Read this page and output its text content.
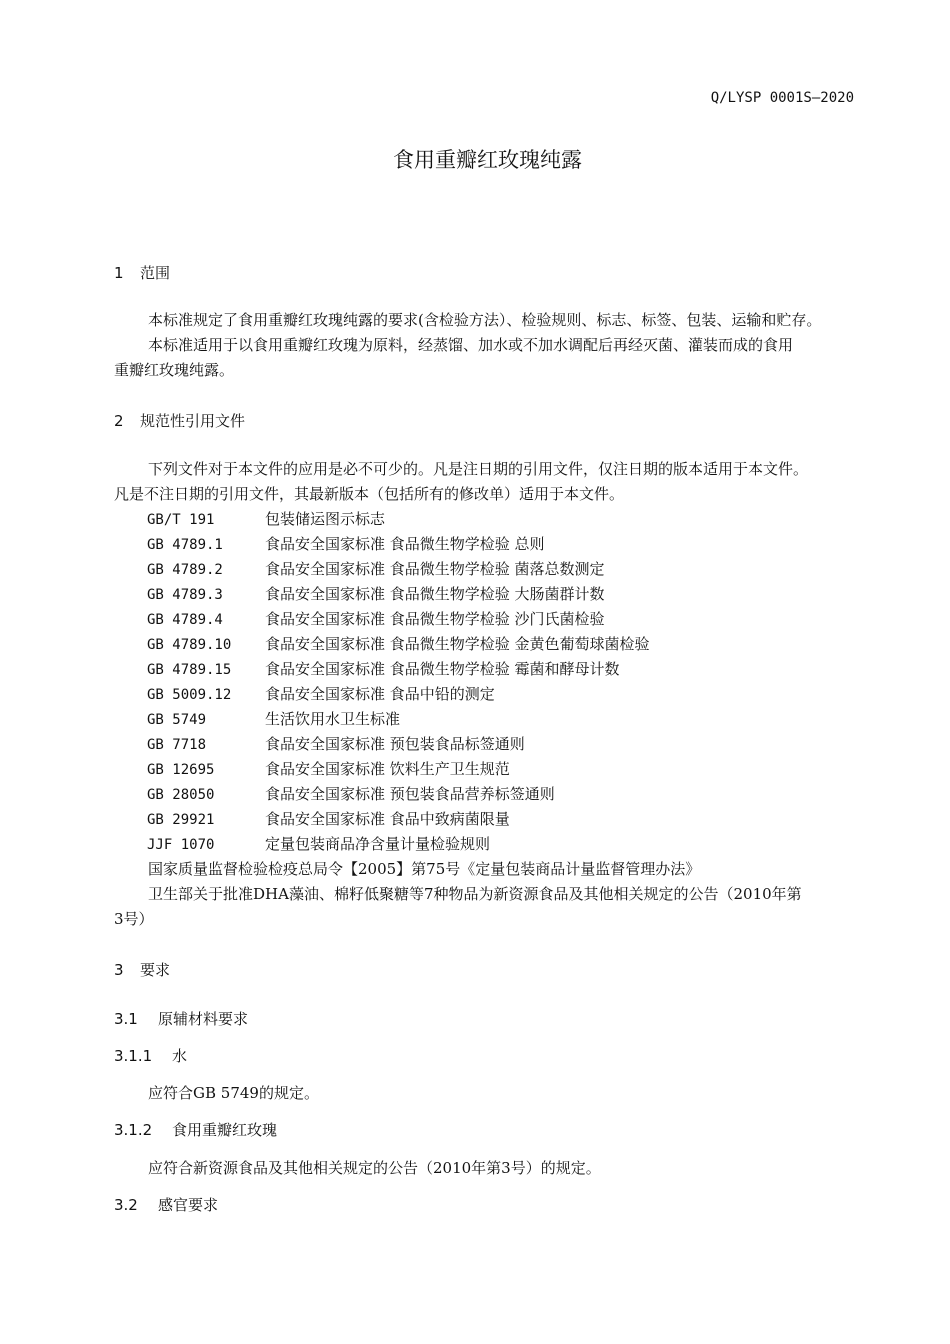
Q/LYSP 0001S—2020
食用重瓣红玫瑰纯露
1 范围
本标准规定了食用重瓣红玫瑰纯露的要求(含检验方法）、检验规则、标志、标签、包装、运输和贮存。
本标准适用于以食用重瓣红玫瑰为原料，经蒸馏、加水或不加水调配后再经灭菌、灌装而成的食用
重瓣红玫瑰纯露。
2 规范性引用文件
下列文件对于本文件的应用是必不可少的。凡是注日期的引用文件，仅注日期的版本适用于本文件。
凡是不注日期的引用文件，其最新版本（包括所有的修改单）适用于本文件。
GB/T 191	包装储运图示标志
GB 4789.1	食品安全国家标准 食品微生物学检验 总则
GB 4789.2	食品安全国家标准 食品微生物学检验 菌落总数测定
GB 4789.3	食品安全国家标准 食品微生物学检验 大肠菌群计数
GB 4789.4	食品安全国家标准 食品微生物学检验 沙门氏菌检验
GB 4789.10 食品安全国家标准 食品微生物学检验 金黄色葡萄球菌检验
GB 4789.15 食品安全国家标准 食品微生物学检验 霉菌和酵母计数
GB 5009.12 食品安全国家标准 食品中铅的测定
GB 5749	生活饮用水卫生标准
GB 7718	食品安全国家标准 预包装食品标签通则
GB 12695	食品安全国家标准 饮料生产卫生规范
GB 28050	食品安全国家标准 预包装食品营养标签通则
GB 29921	食品安全国家标准 食品中致病菌限量
JJF 1070	定量包装商品净含量计量检验规则
国家质量监督检验检疫总局令【2005】第75号《定量包装商品计量监督管理办法》
卫生部关于批准DHA藻油、棉籽低聚糖等7种物品为新资源食品及其他相关规定的公告（2010年第
3号）
3 要求
3.1 原辅材料要求
3.1.1 水
应符合GB 5749的规定。
3.1.2 食用重瓣红玫瑰
应符合新资源食品及其他相关规定的公告（2010年第3号）的规定。
3.2 感官要求
